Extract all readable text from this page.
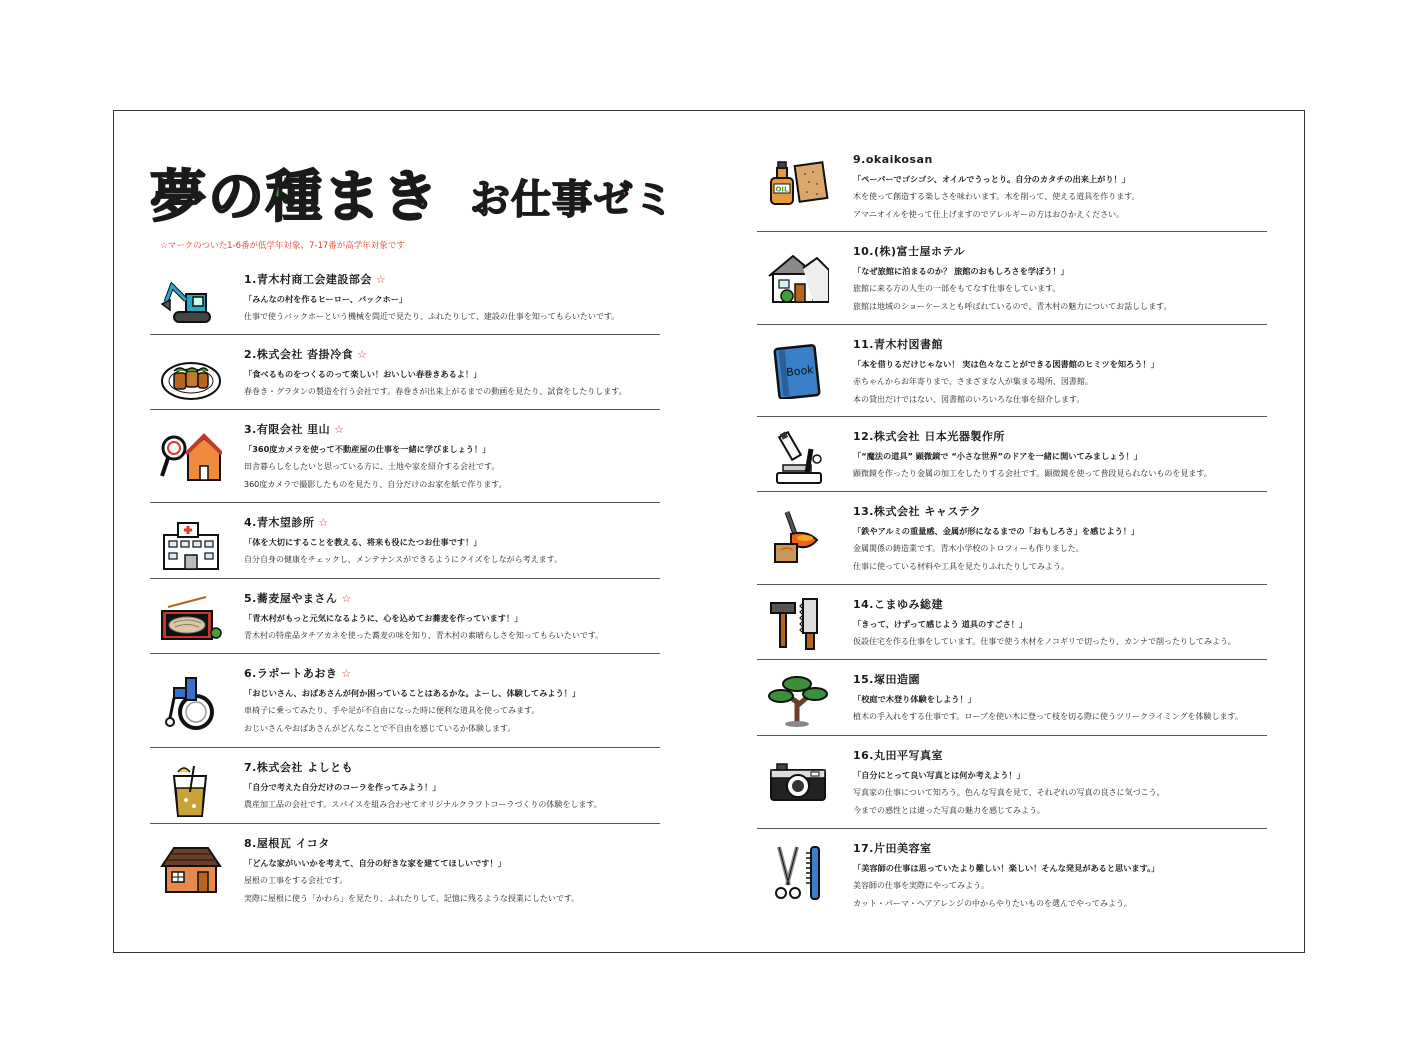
夢の種まき お仕事ゼミ
☆マークのついた1-6番が低学年対象、7-17番が高学年対象です
1.青木村商工会建設部会 ☆
「みんなの村を作るヒーロー、バックホー」
仕事で使うバックホーという機械を間近で見たり、ふれたりして、建設の仕事を知ってもらいたいです。
2.株式会社 沓掛冷食 ☆
「食べるものをつくるのって楽しい！おいしい春巻きあるよ！」
春巻き・グラタンの製造を行う会社です。春巻きが出来上がるまでの動画を見たり、試食をしたりします。
3.有限会社 里山 ☆
「360度カメラを使って不動産屋の仕事を一緒に学びましょう！」
田舎暮らしをしたいと思っている方に、土地や家を紹介する会社です。
360度カメラで撮影したものを見たり、自分だけのお家を紙で作ります。
4.青木望診所 ☆
「体を大切にすることを教える、将来も役にたつお仕事です！」
自分自身の健康をチェックし、メンテナンスができるようにクイズをしながら考えます。
5.蕎麦屋やまさん ☆
「青木村がもっと元気になるように、心を込めてお蕎麦を作っています！」
青木村の特産品タチアカネを使った蕎麦の味を知り、青木村の素晴らしさを知ってもらいたいです。
6.ラポートあおき ☆
「おじいさん、おばあさんが何か困っていることはあるかな。よーし、体験してみよう！」
車椅子に乗ってみたり、手や足が不自由になった時に便利な道具を使ってみます。
おじいさんやおばあさんがどんなことで不自由を感じているか体験します。
7.株式会社 よしとも
「自分で考えた自分だけのコーラを作ってみよう！」
農産加工品の会社です。スパイスを組み合わせてオリジナルクラフトコーラづくりの体験をします。
8.屋根瓦 イコタ
「どんな家がいいかを考えて、自分の好きな家を建ててほしいです！」
屋根の工事をする会社です。
実際に屋根に使う「かわら」を見たり、ふれたりして、記憶に残るような授業にしたいです。
OIL
9.okaikosan
「ペーパーでゴシゴシ、オイルでうっとり。自分のカタチの出来上がり！」
木を使って創造する楽しさを味わいます。木を削って、使える道具を作ります。
アマニオイルを使って仕上げますのでアレルギーの方はおひかえください。
10.(株)富士屋ホテル
「なぜ旅館に泊まるのか？ 旅館のおもしろさを学ぼう！」
旅館に来る方の人生の一部をもてなす仕事をしています。
旅館は地域のショーケースとも呼ばれているので、青木村の魅力についてお話しします。
Book
11.青木村図書館
「本を借りるだけじゃない！ 実は色々なことができる図書館のヒミツを知ろう！」
赤ちゃんからお年寄りまで、さまざまな人が集まる場所、図書館。
本の貸出だけではない、図書館のいろいろな仕事を紹介します。
12.株式会社 日本光器製作所
「“魔法の道具” 顕微鏡で “小さな世界”のドアを一緒に開いてみましょう！」
顕微鏡を作ったり金属の加工をしたりする会社です。顕微鏡を使って普段見られないものを見ます。
13.株式会社 キャステク
「鉄やアルミの重量感、金属が形になるまでの「おもしろさ」を感じよう！」
金属関係の鋳造業です。青木小学校のトロフィーも作りました。
仕事に使っている材料や工具を見たりふれたりしてみよう。
14.こまゆみ総建
「きって、けずって感じよう 道具のすごさ！」
仮設住宅を作る仕事をしています。仕事で使う木材をノコギリで切ったり、カンナで削ったりしてみよう。
15.塚田造園
「校庭で木登り体験をしよう！」
植木の手入れをする仕事です。ロープを使い木に登って枝を切る際に使うツリークライミングを体験します。
16.丸田平写真室
「自分にとって良い写真とは何か考えよう！」
写真家の仕事について知ろう。色んな写真を見て、それぞれの写真の良さに気づこう。
今までの感性とは違った写真の魅力を感じてみよう。
17.片田美容室
「美容師の仕事は思っていたより難しい！楽しい！そんな発見があると思います。」
美容師の仕事を実際にやってみよう。
カット・パーマ・ヘアアレンジの中からやりたいものを選んでやってみよう。
